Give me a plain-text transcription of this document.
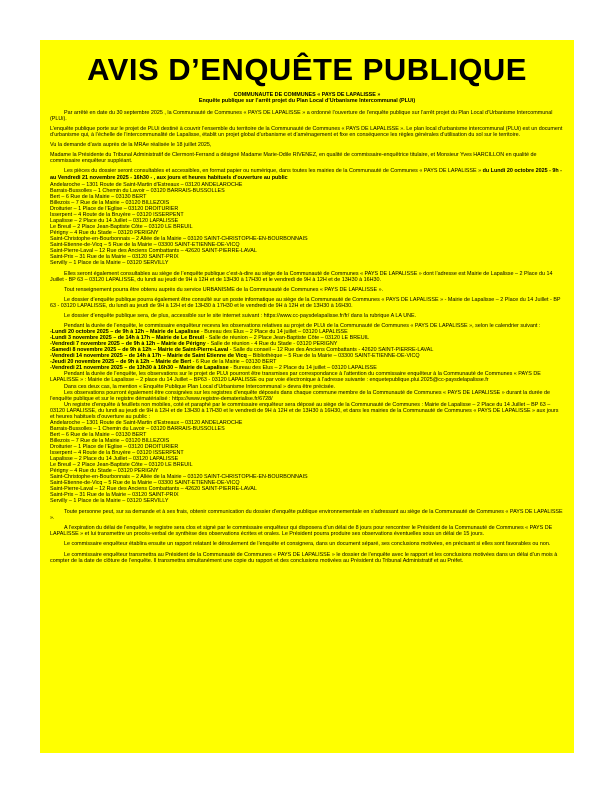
AVIS D’ENQUÊTE PUBLIQUE
COMMUNAUTE DE COMMUNES « PAYS DE LAPALISSE »
Enquête publique sur l’arrêt projet du Plan Local d’Urbanisme Intercommunal (PLUi)

Par arrêté en date du 30 septembre 2025 , la Communauté de Communes « PAYS DE LAPALISSE » a ordonné l’ouverture de l’enquête publique sur l’arrêt projet du Plan Local d’Urbanisme Intercommunal (PLUi).

L’enquête publique porte sur le projet de PLUi destiné à couvrir l’ensemble du territoire de la Communauté de Communes « PAYS DE LAPALISSE ». Le plan local d’urbanisme intercommunal (PLUi) est un document d’urbanisme qui, à l’échelle de l’intercommunalité de Lapalisse, établit un projet global d’urbanisme et d’aménagement et fixe en conséquence les règles générales d’utilisation du sol sur le territoire.

Vu la demande d’avis auprès de la MRAe réalisée le 18 juillet 2025,

Madame la Présidente du Tribunal Administratif de Clermont-Ferrand a désigné Madame Marie-Odile RIVENEZ, en qualité de commissaire-enquêtrice titulaire, et Monsieur Yves HARCILLON en qualité de commissaire enquêteur suppléant.

Les pièces du dossier seront consultables et accessibles, en format papier ou numérique, dans toutes les mairies de la Communauté de Communes « PAYS DE LAPALISSE » du Lundi 20 octobre 2025 - 9h - au Vendredi 21 novembre 2025 - 16h30 - , aux jours et heures habituels d’ouverture au public

Andelaroche – 1301 Route de Saint-Martin d’Estreaux – 03120 ANDELAROCHE
Barrais-Bussolles – 1 Chemin du Lavoir – 03120 BARRAIS-BUSSOLLES
Bert – 6 Rue de la Mairie – 03130 BERT
Billezois – 7 Rue de la Mairie – 03120 BILLEZOIS
Droiturier – 1 Place de l’Eglise – 03120 DROITURIER
Isserpent – 4 Route de la Bruyère – 03120 ISSERPENT
Lapalisse – 2 Place du 14 Juillet – 03120 LAPALISSE
Le Breuil – 2 Place Jean-Baptiste Côte – 03120 LE BREUIL
Périgny – 4 Rue du Stade – 03120 PERIGNY
Saint-Christophe-en-Bourbonnais – 2 Allée de la Mairie – 03120 SAINT-CHRISTOPHE-EN-BOURBONNAIS
Saint-Etienne-de-Vicq – 5 Rue de la Mairie – 03300 SAINT-ETIENNE-DE-VICQ
Saint-Pierre-Laval – 12 Rue des Anciens Combattants – 42620 SAINT-PIERRE-LAVAL
Saint-Prix – 31 Rue de la Mairie – 03120 SAINT-PRIX
Servilly – 1 Place de la Mairie – 03120 SERVILLY

Elles seront également consultables au siège de l’enquête publique c’est-à-dire au siège de la Communauté de Communes « PAYS DE LAPALISSE » dont l’adresse est Mairie de Lapalisse – 2 Place du 14 Juillet - BP 63 – 03120 LAPALISSE, du lundi au jeudi de 9H à 12H et de 13H30 à 17H30 et le vendredi de 9H à 12H et de 13H30 à 16H30.

Tout renseignement pourra être obtenu auprès du service URBANISME de la Communauté de Communes « PAYS DE LAPALISSE ».

Le dossier d’enquête publique pourra également être consulté sur un poste informatique au siège de la Communauté de Communes « PAYS DE LAPALISSE » - Mairie de Lapalisse – 2 Place du 14 Juillet - BP 63 - 03120 LAPALISSE, du lundi au jeudi de 9H à 12H et de 13H30 à 17H30 et le vendredi de 9H à 12H et de 13H30 à 16H30.

Le dossier d’enquête publique sera, de plus, accessible sur le site internet suivant : https://www.cc-paysdelapalisse.fr/fr/ dans la rubrique A LA UNE.

Pendant la durée de l’enquête, le commissaire enquêteur recevra les observations relatives au projet de PLUi de la Communauté de Communes « PAYS DE LAPALISSE », selon le calendrier suivant :

-Lundi 20 octobre 2025 – de 9h à 12h – Mairie de Lapalisse - Bureau des Elus – 2 Place du 14 juillet – 03120 LAPALISSE
-Lundi 3 novembre 2025 – de 14h à 17h – Mairie de Le Breuil - Salle de réunion – 2 Place Jean-Baptiste Côte – 03120 LE BREUIL
-Vendredi 7 novembre 2025 – de 9h à 12h – Mairie de Périgny - Salle de réunion - 4 Rue du Stade - 03120 PERIGNY
-Samedi 8 novembre 2025 – de 9h à 12h – Mairie de Saint-Pierre-Laval - Salle du conseil – 12 Rue des Anciens Combattants - 42620 SAINT-PIERRE-LAVAL
-Vendredi 14 novembre 2025 – de 14h à 17h – Mairie de Saint Etienne de Vicq – Bibliothèque – 5 Rue de la Mairie – 03300 SAINT-ETIENNE-DE-VICQ
-Jeudi 20 novembre 2025 – de 9h à 12h – Mairie de Bert - 6 Rue de la Mairie – 03130 BERT
-Vendredi 21 novembre 2025 – de 13h30 à 16h30 – Mairie de Lapalisse - Bureau des Elus – 2 Place du 14 juillet – 03120 LAPALISSE

Pendant la durée de l’enquête, les observations sur le projet de PLUi pourront être transmises par correspondance à l’attention du commissaire enquêteur à la Communauté de Communes « PAYS DE LAPALISSE » : Mairie de Lapalisse – 2 place du 14 Juillet – BP63 - 03120 LAPALISSE ou par voie électronique à l’adresse suivante : enquetepublique.plui.2025@cc-paysdelapalisse.fr

Dans ces deux cas, la mention « Enquête Publique Plan Local d’Urbanisme Intercommunal » devra être précisée.

Les observations pourront également être consignées sur les registres d’enquête déposés dans chaque commune membre de la Communauté de Communes « PAYS DE LAPALISSE » durant la durée de l’enquête publique et sur le registre dématérialisé : https://www.registre-dematerialise.fr/6728/

Un registre d’enquête à feuillets non mobiles, coté et paraphé par le commissaire enquêteur sera déposé au siège de la Communauté de Communes : Mairie de Lapalisse – 2 Place du 14 Juillet – BP 63 – 03120 LAPALISSE, du lundi au jeudi de 9H à 12H et de 13H30 à 17H30 et le vendredi de 9H à 12H et de 13H30 à 16H30, et dans les mairies de la Communauté de Communes « PAYS DE LAPALISSE » aux jours et heures habituels d’ouverture au public :

Andelaroche – 1301 Route de Saint-Martin d’Estreaux – 03120 ANDELAROCHE
Barrais-Bussolles – 1 Chemin du Lavoir – 03120 BARRAIS-BUSSOLLES
Bert – 6 Rue de la Mairie – 03130 BERT
Billezois – 7 Rue de la Mairie – 03120 BILLEZOIS
Droiturier – 1 Place de l’Eglise – 03120 DROITURIER
Isserpent – 4 Route de la Bruyère – 03120 ISSERPENT
Lapalisse – 2 Place du 14 Juillet – 03120 LAPALISSE
Le Breuil – 2 Place Jean-Baptiste Côte – 03120 LE BREUIL
Périgny – 4 Rue du Stade – 03120 PERIGNY
Saint-Christophe-en-Bourbonnais – 2 Allée de la Mairie – 03120 SAINT-CHRISTOPHE-EN-BOURBONNAIS
Saint-Etienne-de-Vicq – 5 Rue de la Mairie – 03300 SAINT-ETIENNE-DE-VICQ
Saint-Pierre-Laval – 12 Rue des Anciens Combattants – 42620 SAINT-PIERRE-LAVAL
Saint-Prix – 31 Rue de la Mairie – 03120 SAINT-PRIX
Servilly – 1 Place de la Mairie – 03120 SERVILLY

Toute personne peut, sur sa demande et à ses frais, obtenir communication du dossier d’enquête publique environnementale en s’adressant au siège de la Communauté de Communes « PAYS DE LAPALISSE ».

A l’expiration du délai de l’enquête, le registre sera clos et signé par le commissaire enquêteur qui disposera d’un délai de 8 jours pour rencontrer le Président de la Communauté de Communes « PAYS DE LAPALISSE » et lui transmettre un procès-verbal de synthèse des observations écrites et orales. Le Président pourra produire ses observations éventuelles sous un délai de 15 jours.

Le commissaire enquêteur établira ensuite un rapport relatant le déroulement de l’enquête et consignera, dans un document séparé, ses conclusions motivées, en précisant si elles sont favorables ou non.

Le commissaire enquêteur transmettra au Président de la Communauté de Communes « PAYS DE LAPALISSE » le dossier de l’enquête avec le rapport et les conclusions motivées dans un délai d’un mois à compter de la date de clôture de l’enquête. Il transmettra simultanément une copie du rapport et des conclusions motivées au Président du Tribunal Administratif et au Préfet.
